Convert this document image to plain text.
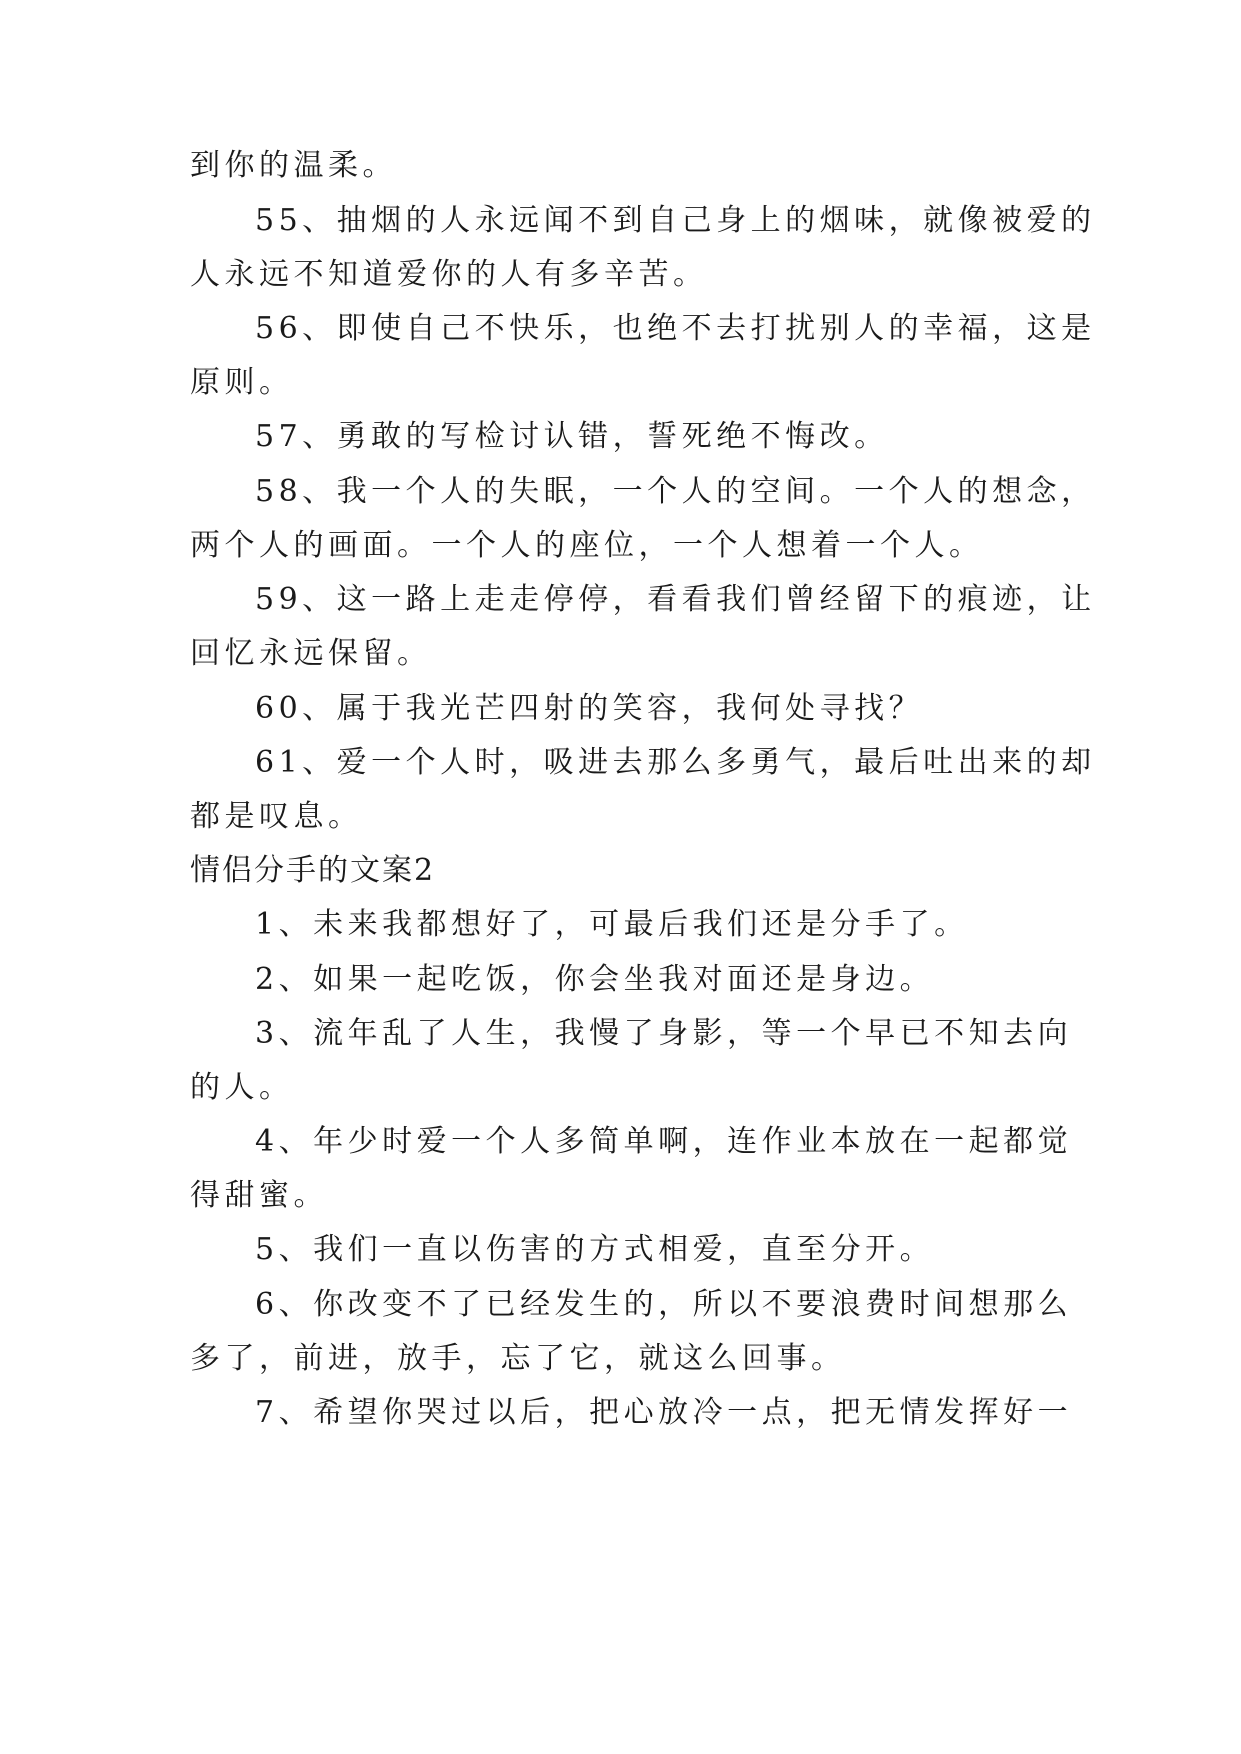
到你的温柔。
55、抽烟的人永远闻不到自己身上的烟味，就像被爱的
人永远不知道爱你的人有多辛苦。
56、即使自己不快乐，也绝不去打扰别人的幸福，这是
原则。
57、勇敢的写检讨认错，誓死绝不悔改。
58、我一个人的失眠，一个人的空间。一个人的想念，
两个人的画面。一个人的座位，一个人想着一个人。
59、这一路上走走停停，看看我们曾经留下的痕迹，让
回忆永远保留。
60、属于我光芒四射的笑容，我何处寻找？
61、爱一个人时，吸进去那么多勇气，最后吐出来的却
都是叹息。
情侣分手的文案2
1、未来我都想好了，可最后我们还是分手了。
2、如果一起吃饭，你会坐我对面还是身边。
3、流年乱了人生，我慢了身影，等一个早已不知去向
的人。
4、年少时爱一个人多简单啊，连作业本放在一起都觉
得甜蜜。
5、我们一直以伤害的方式相爱，直至分开。
6、你改变不了已经发生的，所以不要浪费时间想那么
多了，前进，放手，忘了它，就这么回事。
7、希望你哭过以后，把心放冷一点，把无情发挥好一
